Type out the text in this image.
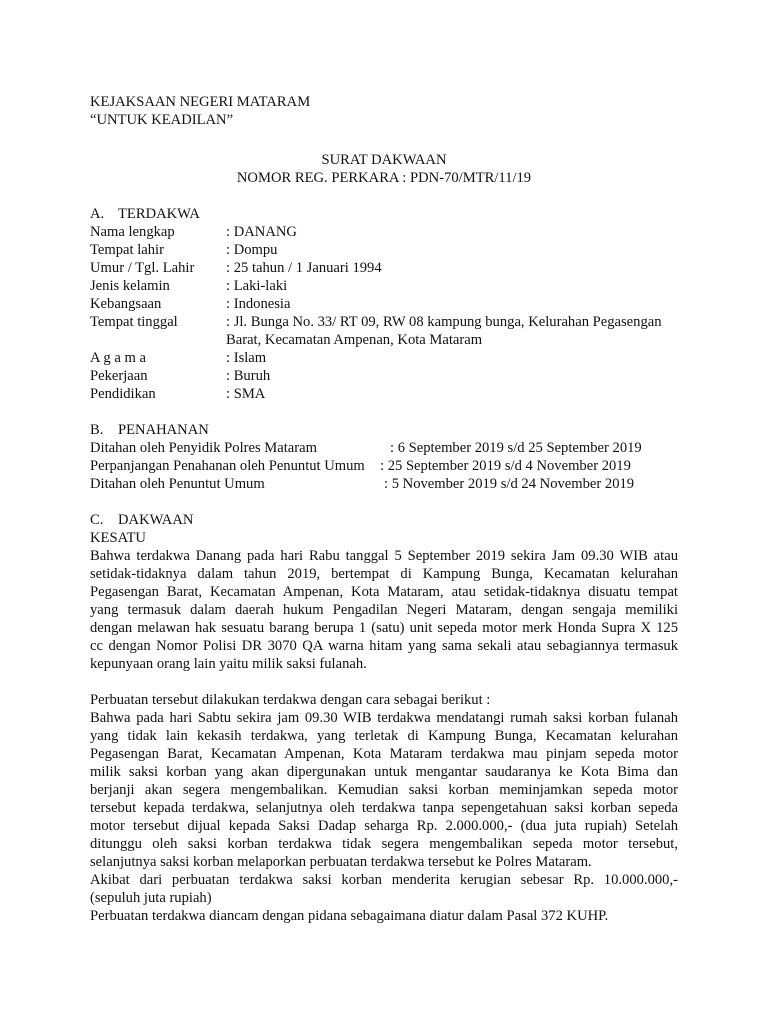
KEJAKSAAN NEGERI MATARAM
“UNTUK KEADILAN”
SURAT DAKWAAN
NOMOR REG. PERKARA : PDN-70/MTR/11/19
A. TERDAKWA
Nama lengkap	: DANANG
Tempat lahir	: Dompu
Umur / Tgl. Lahir	: 25 tahun / 1 Januari 1994
Jenis kelamin	: Laki-laki
Kebangsaan	: Indonesia
Tempat tinggal	: Jl. Bunga No. 33/ RT 09, RW 08 kampung bunga, Kelurahan Pegasengan
Barat, Kecamatan Ampenan, Kota Mataram
A g a m a	: Islam
Pekerjaan	: Buruh
Pendidikan	: SMA
B. PENAHANAN
Ditahan oleh Penyidik Polres Mataram	: 6 September 2019 s/d 25 September 2019
Perpanjangan Penahanan oleh Penuntut Umum	: 25 September 2019 s/d 4 November 2019
Ditahan oleh Penuntut Umum	: 5 November 2019 s/d 24 November 2019
C. DAKWAAN
KESATU
Bahwa terdakwa Danang pada hari Rabu tanggal 5 September 2019 sekira Jam 09.30 WIB atau
setidak-tidaknya dalam tahun 2019, bertempat di Kampung Bunga, Kecamatan kelurahan
Pegasengan Barat, Kecamatan Ampenan, Kota Mataram, atau setidak-tidaknya disuatu tempat
yang termasuk dalam daerah hukum Pengadilan Negeri Mataram, dengan sengaja memiliki
dengan melawan hak sesuatu barang berupa 1 (satu) unit sepeda motor merk Honda Supra X 125
cc dengan Nomor Polisi DR 3070 QA warna hitam yang sama sekali atau sebagiannya termasuk
kepunyaan orang lain yaitu milik saksi fulanah.
Perbuatan tersebut dilakukan terdakwa dengan cara sebagai berikut :
Bahwa pada hari Sabtu sekira jam 09.30 WIB terdakwa mendatangi rumah saksi korban fulanah
yang tidak lain kekasih terdakwa, yang terletak di Kampung Bunga, Kecamatan kelurahan
Pegasengan Barat, Kecamatan Ampenan, Kota Mataram terdakwa mau pinjam sepeda motor
milik saksi korban yang akan dipergunakan untuk mengantar saudaranya ke Kota Bima dan
berjanji akan segera mengembalikan. Kemudian saksi korban meminjamkan sepeda motor
tersebut kepada terdakwa, selanjutnya oleh terdakwa tanpa sepengetahuan saksi korban sepeda
motor tersebut dijual kepada Saksi Dadap seharga Rp. 2.000.000,- (dua juta rupiah) Setelah
ditunggu oleh saksi korban terdakwa tidak segera mengembalikan sepeda motor tersebut,
selanjutnya saksi korban melaporkan perbuatan terdakwa tersebut ke Polres Mataram.
Akibat dari perbuatan terdakwa saksi korban menderita kerugian sebesar Rp. 10.000.000,-
(sepuluh juta rupiah)
Perbuatan terdakwa diancam dengan pidana sebagaimana diatur dalam Pasal 372 KUHP.
